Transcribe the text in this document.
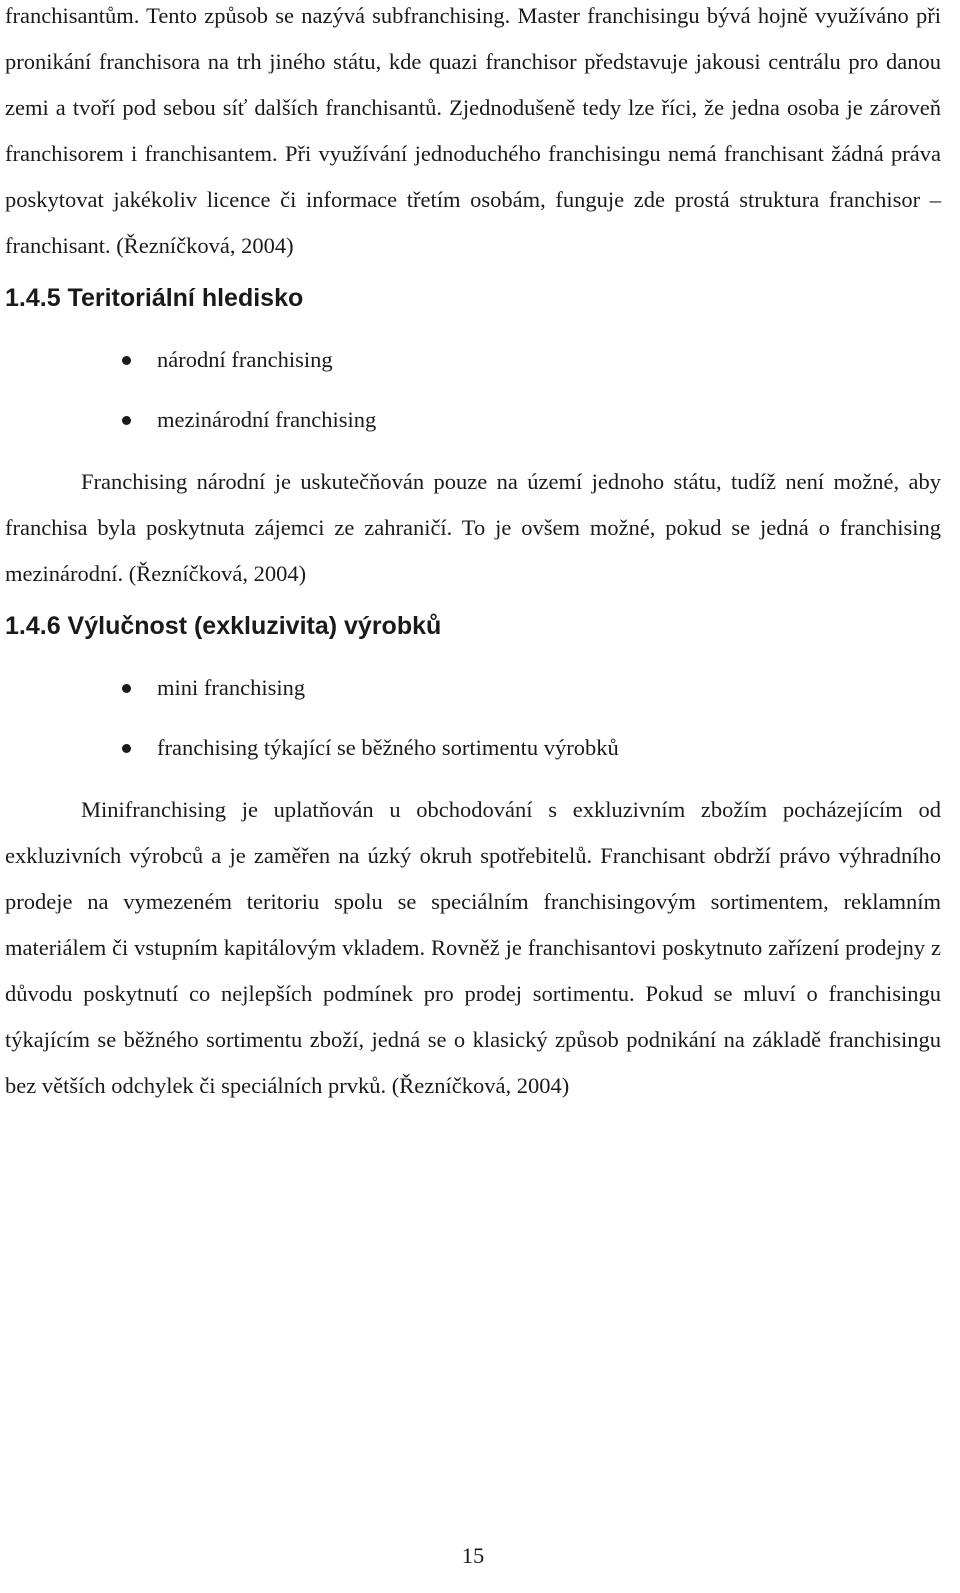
franchisantům. Tento způsob se nazývá subfranchising. Master franchisingu bývá hojně využíváno při pronikání franchisora na trh jiného státu, kde quazi franchisor představuje jakousi centrálu pro danou zemi a tvoří pod sebou síť dalších franchisantů. Zjednodušeně tedy lze říci, že jedna osoba je zároveň franchisorem i franchisantem. Při využívání jednoduchého franchisingu nemá franchisant žádná práva poskytovat jakékoliv licence či informace třetím osobám, funguje zde prostá struktura franchisor – franchisant. (Řezníčková, 2004)

1.4.5 Teritoriální hledisko
národní franchising
mezinárodní franchising

Franchising národní je uskutečňován pouze na území jednoho státu, tudíž není možné, aby franchisa byla poskytnuta zájemci ze zahraničí. To je ovšem možné, pokud se jedná o franchising mezinárodní. (Řezníčková, 2004)

1.4.6 Výlučnost (exkluzivita) výrobků
mini franchising
franchising týkající se běžného sortimentu výrobků

Minifranchising je uplatňován u obchodování s exkluzivním zbožím pocházejícím od exkluzivních výrobců a je zaměřen na úzký okruh spotřebitelů. Franchisant obdrží právo výhradního prodeje na vymezeném teritoriu spolu se speciálním franchisingovým sortimentem, reklamním materiálem či vstupním kapitálovým vkladem. Rovněž je franchisantovi poskytnuto zařízení prodejny z důvodu poskytnutí co nejlepších podmínek pro prodej sortimentu. Pokud se mluví o franchisingu týkajícím se běžného sortimentu zboží, jedná se o klasický způsob podnikání na základě franchisingu bez větších odchylek či speciálních prvků. (Řezníčková, 2004)

15
